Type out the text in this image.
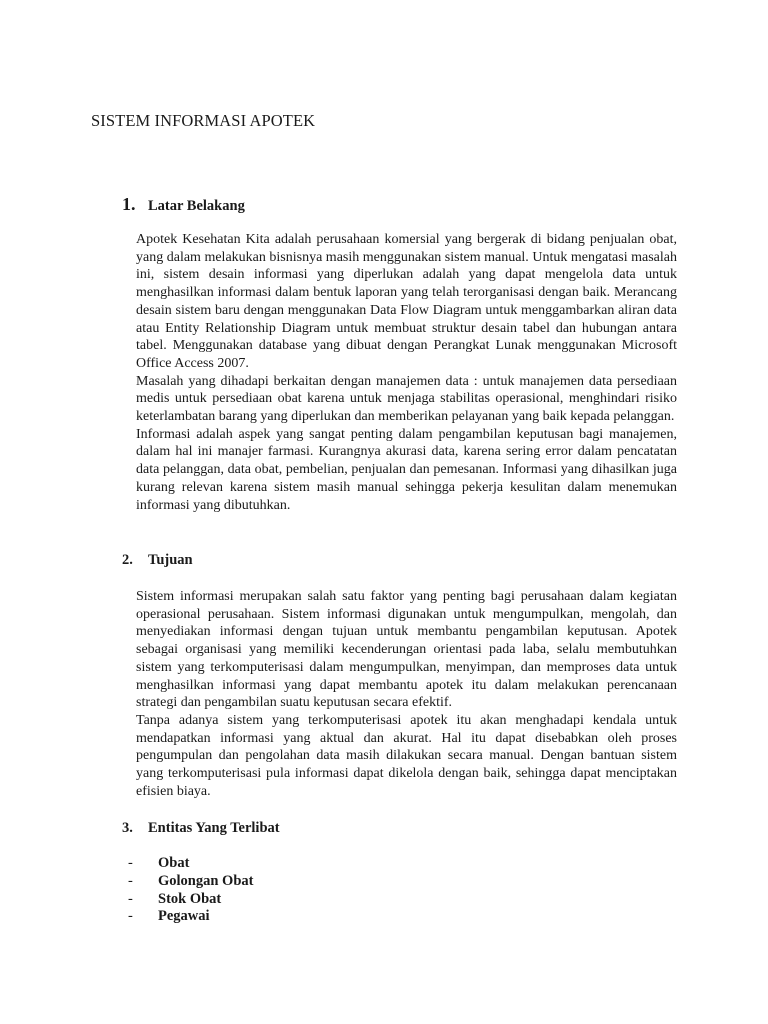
SISTEM INFORMASI APOTEK
1. Latar Belakang

Apotek Kesehatan Kita adalah perusahaan komersial yang bergerak di bidang penjualan obat, yang dalam melakukan bisnisnya masih menggunakan sistem manual. Untuk mengatasi masalah ini, sistem desain informasi yang diperlukan adalah yang dapat mengelola data untuk menghasilkan informasi dalam bentuk laporan yang telah terorganisasi dengan baik. Merancang desain sistem baru dengan menggunakan Data Flow Diagram untuk menggambarkan aliran data atau Entity Relationship Diagram untuk membuat struktur desain tabel dan hubungan antara tabel. Menggunakan database yang dibuat dengan Perangkat Lunak menggunakan Microsoft Office Access 2007.

Masalah yang dihadapi berkaitan dengan manajemen data : untuk manajemen data persediaan medis untuk persediaan obat karena untuk menjaga stabilitas operasional, menghindari risiko keterlambatan barang yang diperlukan dan memberikan pelayanan yang baik kepada pelanggan.

Informasi adalah aspek yang sangat penting dalam pengambilan keputusan bagi manajemen, dalam hal ini manajer farmasi. Kurangnya akurasi data, karena sering error dalam pencatatan data pelanggan, data obat, pembelian, penjualan dan pemesanan. Informasi yang dihasilkan juga kurang relevan karena sistem masih manual sehingga pekerja kesulitan dalam menemukan informasi yang dibutuhkan.

2. Tujuan

Sistem informasi merupakan salah satu faktor yang penting bagi perusahaan dalam kegiatan operasional perusahaan. Sistem informasi digunakan untuk mengumpulkan, mengolah, dan menyediakan informasi dengan tujuan untuk membantu pengambilan keputusan. Apotek sebagai organisasi yang memiliki kecenderungan orientasi pada laba, selalu membutuhkan sistem yang terkomputerisasi dalam mengumpulkan, menyimpan, dan memproses data untuk menghasilkan informasi yang dapat membantu apotek itu dalam melakukan perencanaan strategi dan pengambilan suatu keputusan secara efektif.

Tanpa adanya sistem yang terkomputerisasi apotek itu akan menghadapi kendala untuk mendapatkan informasi yang aktual dan akurat. Hal itu dapat disebabkan oleh proses pengumpulan dan pengolahan data masih dilakukan secara manual. Dengan bantuan sistem yang terkomputerisasi pula informasi dapat dikelola dengan baik, sehingga dapat menciptakan efisien biaya.

3. Entitas Yang Terlibat
-	Obat
-	Golongan Obat
-	Stok Obat
-	Pegawai
